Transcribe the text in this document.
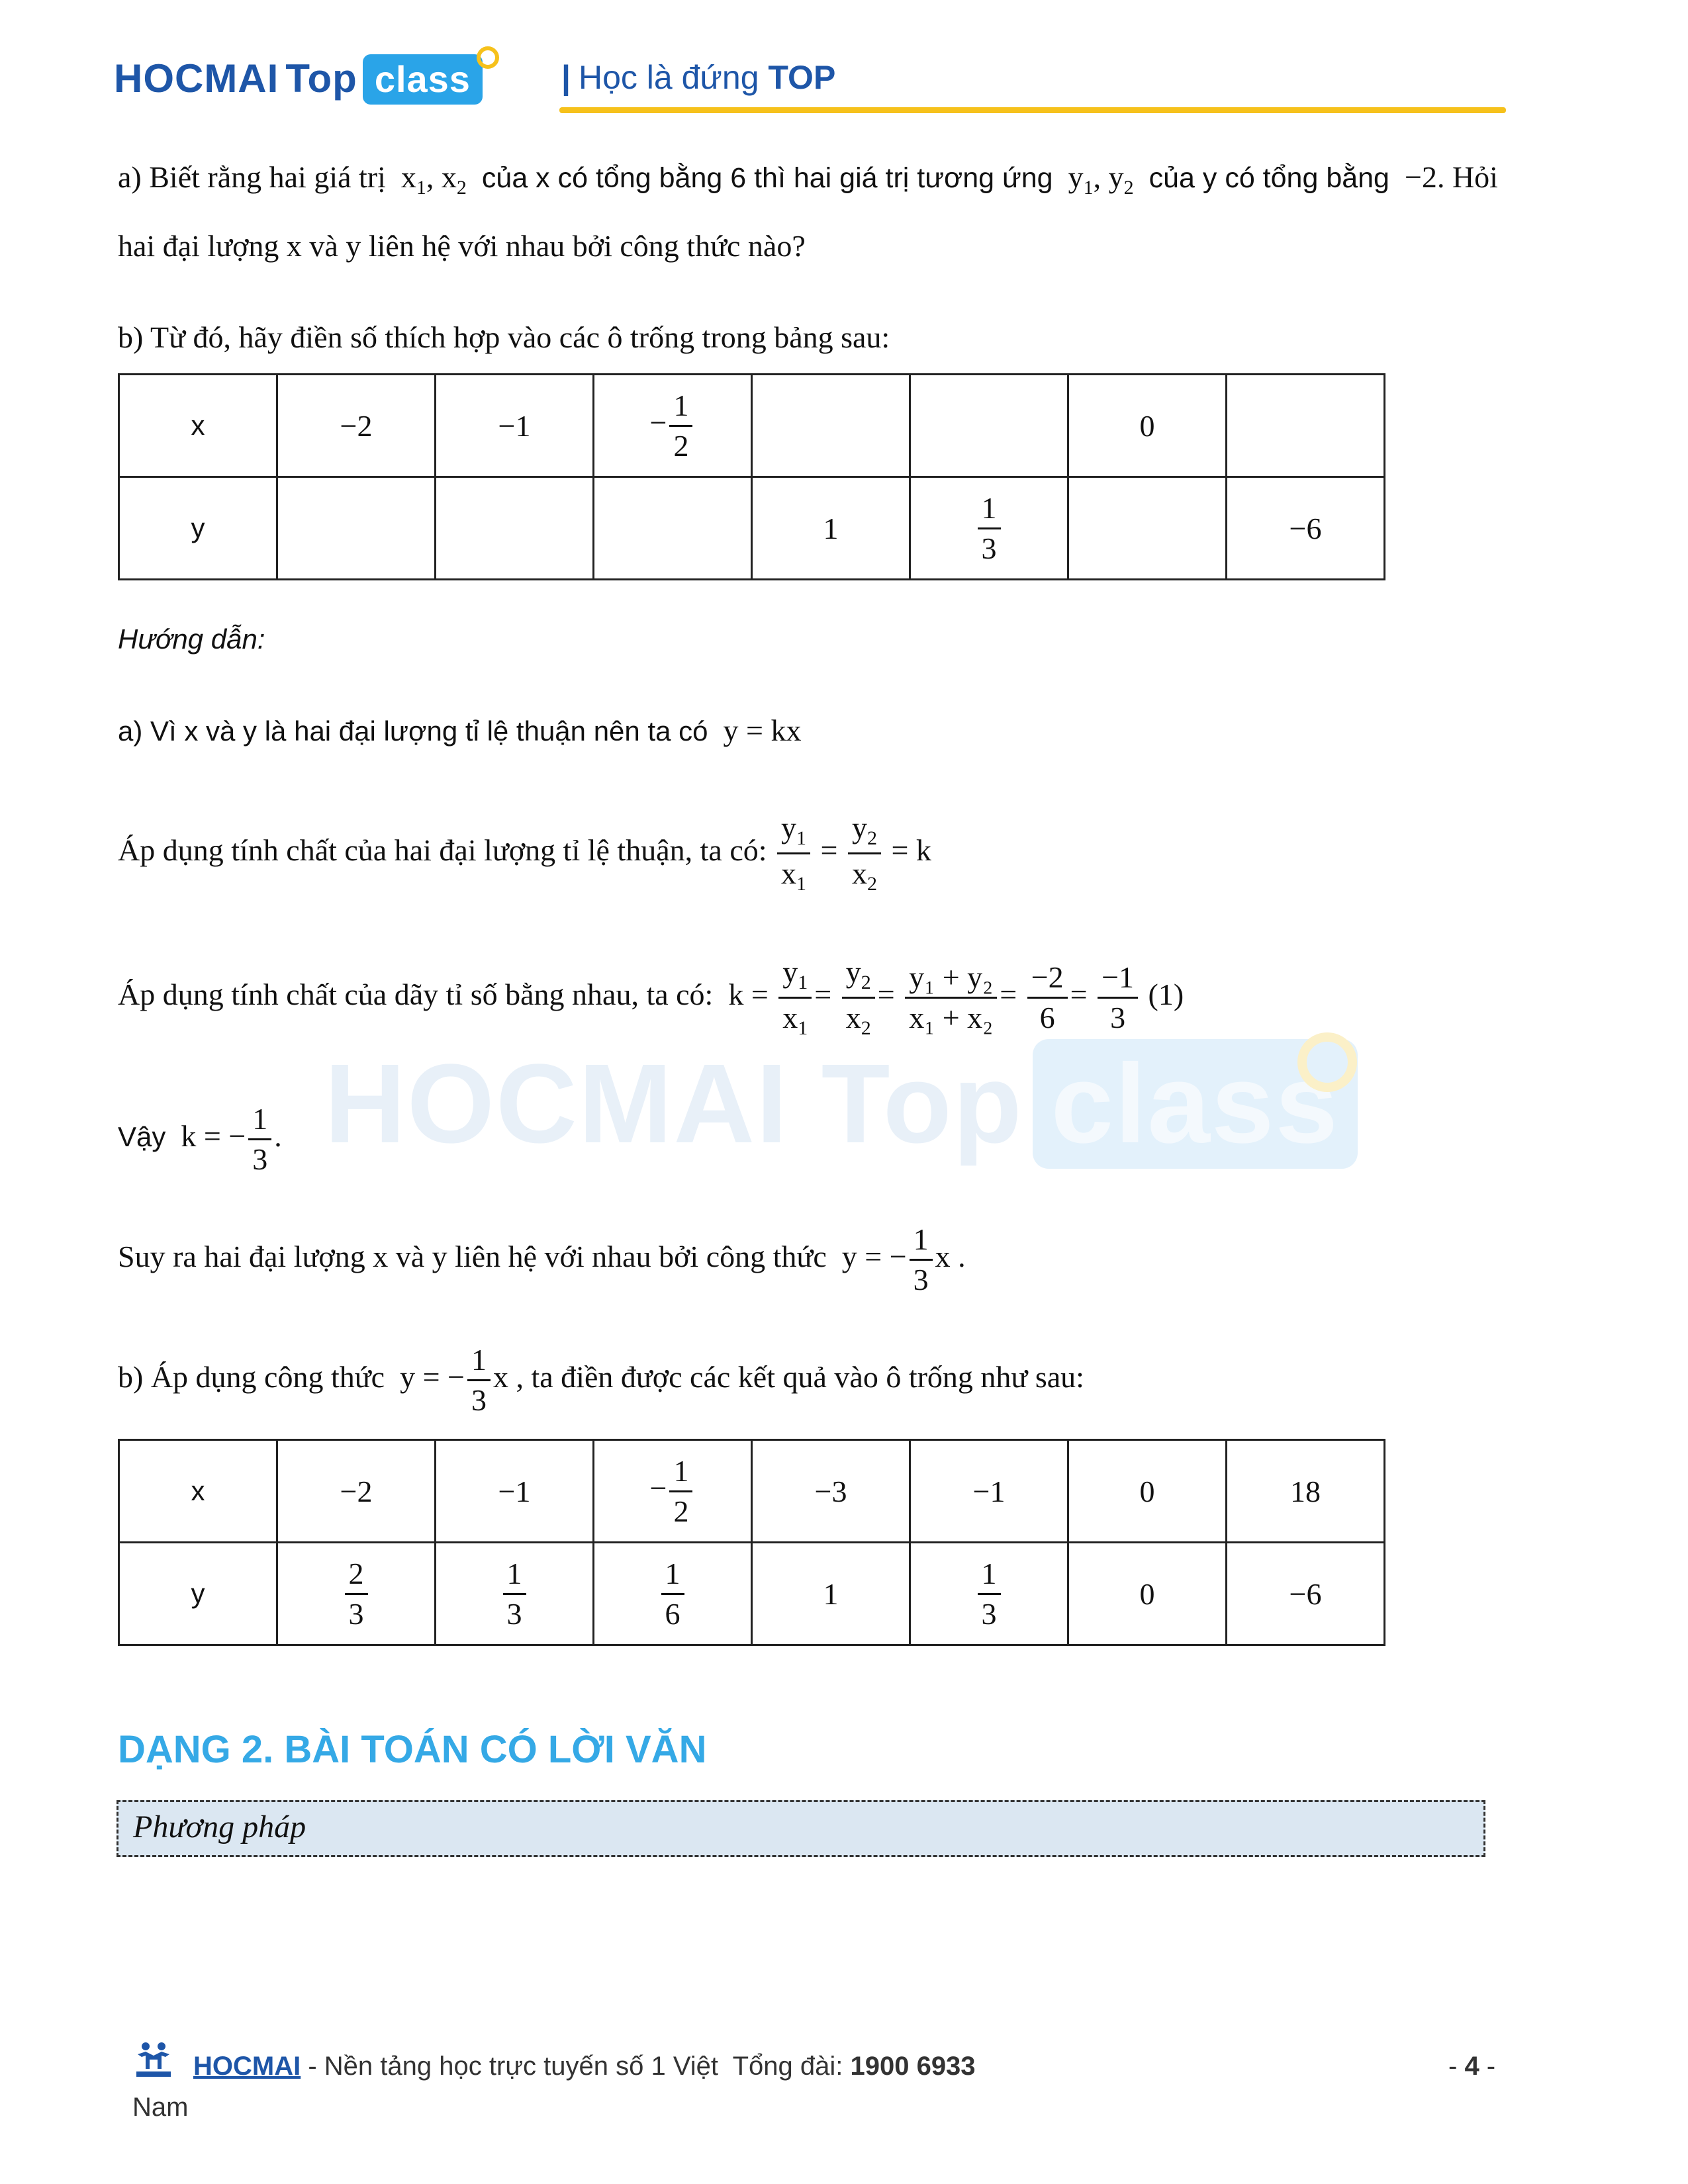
HOCMAI Top class
HOCMAI Top class	| Học là đứng TOP
a) Biết rằng hai giá trị $x_1$, $x_2$ của x có tổng bằng 6 thì hai giá trị tương ứng $y_1$, $y_2$ của y có tổng bằng −2. Hỏi
hai đại lượng x và y liên hệ với nhau bởi công thức nào?
b) Từ đó, hãy điền số thích hợp vào các ô trống trong bảng sau:
x	−2	−1	− $\frac{1}{2}$			0	
y				1	$\frac{1}{3}$		−6
Hướng dẫn:
a) Vì x và y là hai đại lượng tỉ lệ thuận nên ta có y = kx
Áp dụng tính chất của hai đại lượng tỉ lệ thuận, ta có: $\frac{y_1}{x_1} = \frac{y_2}{x_2} = k$
Áp dụng tính chất của dãy tỉ số bằng nhau, ta có: $k = \frac{y_1}{x_1} = \frac{y_2}{x_2} = \frac{\text{y₁ + y₂}}{\text{x₁ + x₂}} = \frac{-2}{6} = \frac{-1}{3} (1)$
Vậy k = − $\frac{1}{3}$ .
Suy ra hai đại lượng x và y liên hệ với nhau bởi công thức y = − $\frac{1}{3}$ x .
b) Áp dụng công thức y = − $\frac{1}{3}$ x , ta điền được các kết quả vào ô trống như sau:
x	−2	−1	− $\frac{1}{2}$	−3	−1	0	18
y	$\frac{2}{3}$	$\frac{1}{3}$	$\frac{1}{6}$	1	$\frac{1}{3}$	0	−6
DẠNG 2. BÀI TOÁN CÓ LỜI VĂN
Phương pháp
HOCMAI - Nền tảng học trực tuyến số 1 Việt Tổng đài: 1900 6933
Nam
- 4 -
